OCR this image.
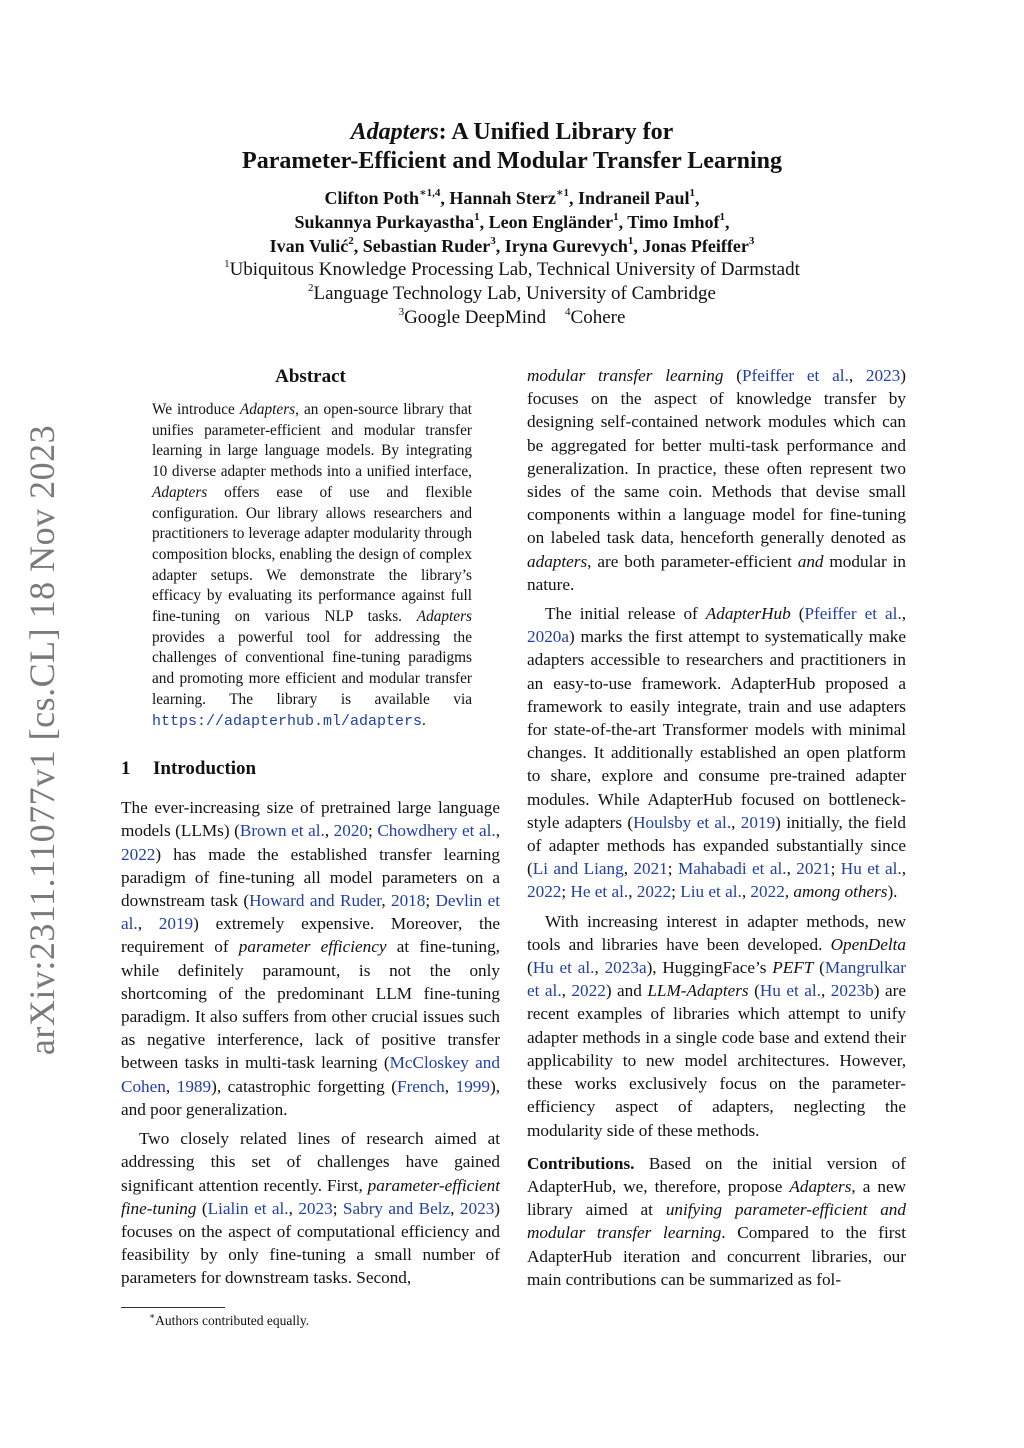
arXiv:2311.11077v1 [cs.CL] 18 Nov 2023

Adapters: A Unified Library for

Parameter-Efficient and Modular Transfer Learning

Clifton Poth$^{∗1,4}$, Hannah Sterz$^{∗1}$, Indraneil Paul$^1$,
Sukannya Purkayastha$^1$, Leon Engländer$^1$, Timo Imhof$^1$,
Ivan Vulić$^2$, Sebastian Ruder$^3$, Iryna Gurevych$^1$, Jonas Pfeiffer$^3$
$^1$Ubiquitous Knowledge Processing Lab, Technical University of Darmstadt
$^2$Language Technology Lab, University of Cambridge
$^3$Google DeepMind $^4$Cohere
Abstract
We introduce Adapters, an open-source library that unifies parameter-efficient and modular transfer learning in large language models. By integrating 10 diverse adapter methods into a unified interface, Adapters offers ease of use and flexible configuration. Our library allows researchers and practitioners to leverage adapter modularity through composition blocks, enabling the design of complex adapter setups. We demonstrate the library’s efficacy by evaluating its performance against full fine-tuning on various NLP tasks. Adapters provides a powerful tool for addressing the challenges of conventional fine-tuning paradigms and promoting more efficient and modular transfer learning. The library is available via https://adapterhub.ml/adapters.
1 Introduction

The ever-increasing size of pretrained large language models (LLMs) (Brown et al., 2020; Chowdhery et al., 2022) has made the established transfer learning paradigm of fine-tuning all model parameters on a downstream task (Howard and Ruder, 2018; Devlin et al., 2019) extremely expensive. Moreover, the requirement of parameter efficiency at fine-tuning, while definitely paramount, is not the only shortcoming of the predominant LLM fine-tuning paradigm. It also suffers from other crucial issues such as negative interference, lack of positive transfer between tasks in multi-task learning (McCloskey and Cohen, 1989), catastrophic forgetting (French, 1999), and poor generalization.

Two closely related lines of research aimed at addressing this set of challenges have gained significant attention recently. First, parameter-efficient fine-tuning (Lialin et al., 2023; Sabry and Belz, 2023) focuses on the aspect of computational efficiency and feasibility by only fine-tuning a small number of parameters for downstream tasks. Second,

modular transfer learning (Pfeiffer et al., 2023) focuses on the aspect of knowledge transfer by designing self-contained network modules which can be aggregated for better multi-task performance and generalization. In practice, these often represent two sides of the same coin. Methods that devise small components within a language model for fine-tuning on labeled task data, henceforth generally denoted as adapters, are both parameter-efficient and modular in nature.

The initial release of AdapterHub (Pfeiffer et al., 2020a) marks the first attempt to systematically make adapters accessible to researchers and practitioners in an easy-to-use framework. AdapterHub proposed a framework to easily integrate, train and use adapters for state-of-the-art Transformer models with minimal changes. It additionally established an open platform to share, explore and consume pre-trained adapter modules. While AdapterHub focused on bottleneck-style adapters (Houlsby et al., 2019) initially, the field of adapter methods has expanded substantially since (Li and Liang, 2021; Mahabadi et al., 2021; Hu et al., 2022; He et al., 2022; Liu et al., 2022, among others).

With increasing interest in adapter methods, new tools and libraries have been developed. OpenDelta (Hu et al., 2023a), HuggingFace’s PEFT (Mangrulkar et al., 2022) and LLM-Adapters (Hu et al., 2023b) are recent examples of libraries which attempt to unify adapter methods in a single code base and extend their applicability to new model architectures. However, these works exclusively focus on the parameter-efficiency aspect of adapters, neglecting the modularity side of these methods.

Contributions. Based on the initial version of AdapterHub, we, therefore, propose Adapters, a new library aimed at unifying parameter-efficient and modular transfer learning. Compared to the first AdapterHub iteration and concurrent libraries, our main contributions can be summarized as fol-

∗Authors contributed equally.
